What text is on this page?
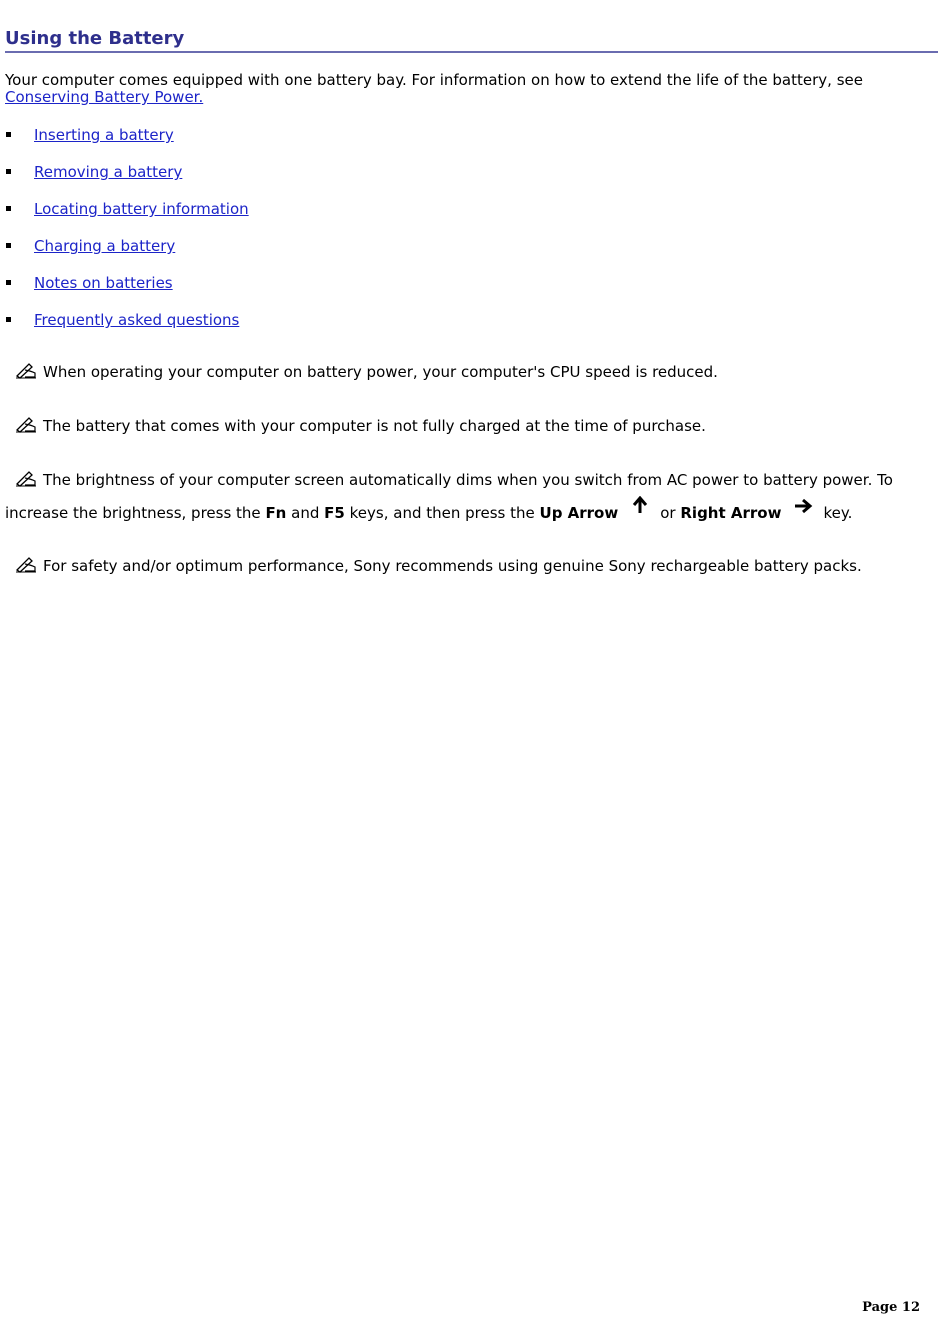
Using the Battery
Your computer comes equipped with one battery bay. For information on how to extend the life of the battery, see
Conserving Battery Power.
Inserting a battery
Removing a battery
Locating battery information
Charging a battery
Notes on batteries
Frequently asked questions
When operating your computer on battery power, your computer's CPU speed is reduced.
The battery that comes with your computer is not fully charged at the time of purchase.
The brightness of your computer screen automatically dims when you switch from AC power to battery power. To increase the brightness, press the Fn and F5 keys, and then press the Up Arrow	or Right Arrow	key.
For safety and/or optimum performance, Sony recommends using genuine Sony rechargeable battery packs.
Page 12
